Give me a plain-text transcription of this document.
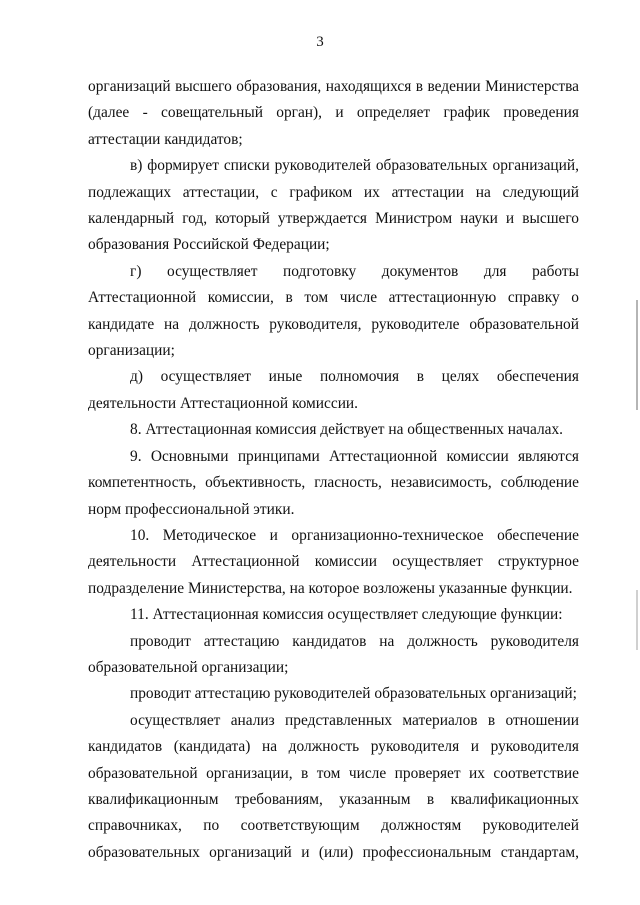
3

организаций высшего образования, находящихся в ведении Министерства (далее - совещательный орган), и определяет график проведения аттестации кандидатов;

в) формирует списки руководителей образовательных организаций, подлежащих аттестации, с графиком их аттестации на следующий календарный год, который утверждается Министром науки и высшего образования Российской Федерации;

г) осуществляет подготовку документов для работы Аттестационной комиссии, в том числе аттестационную справку о кандидате на должность руководителя, руководителе образовательной организации;

д) осуществляет иные полномочия в целях обеспечения деятельности Аттестационной комиссии.

8. Аттестационная комиссия действует на общественных началах.

9. Основными принципами Аттестационной комиссии являются компетентность, объективность, гласность, независимость, соблюдение норм профессиональной этики.

10. Методическое и организационно-техническое обеспечение деятельности Аттестационной комиссии осуществляет структурное подразделение Министерства, на которое возложены указанные функции.

11. Аттестационная комиссия осуществляет следующие функции:

проводит аттестацию кандидатов на должность руководителя образовательной организации;

проводит аттестацию руководителей образовательных организаций;

осуществляет анализ представленных материалов в отношении кандидатов (кандидата) на должность руководителя и руководителя образовательной организации, в том числе проверяет их соответствие квалификационным требованиям, указанным в квалификационных справочниках, по соответствующим должностям руководителей образовательных организаций и (или) профессиональным стандартам,
